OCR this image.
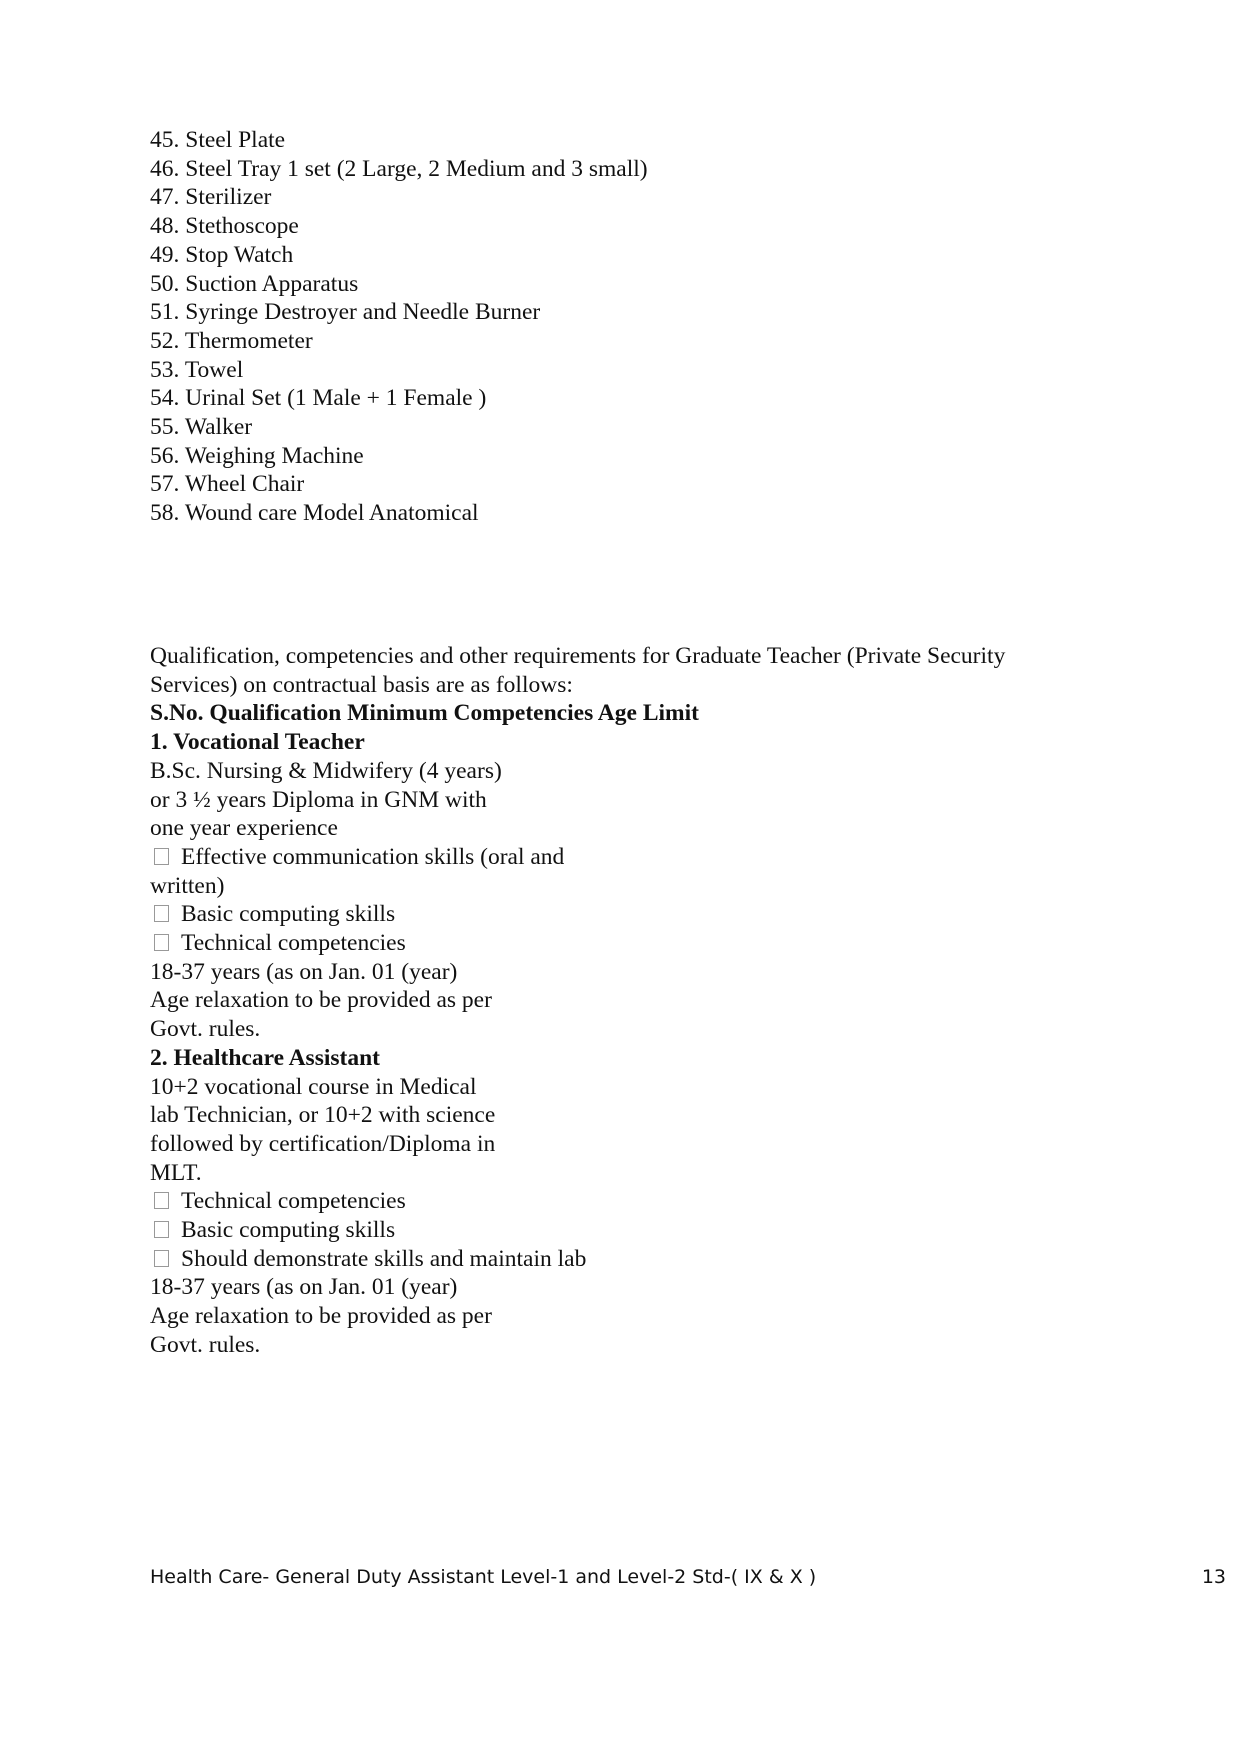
45. Steel Plate
46. Steel Tray 1 set (2 Large, 2 Medium and 3 small)
47. Sterilizer
48. Stethoscope
49. Stop Watch
50. Suction Apparatus
51. Syringe Destroyer and Needle Burner
52. Thermometer
53. Towel
54. Urinal Set (1 Male + 1 Female )
55. Walker
56. Weighing Machine
57. Wheel Chair
58. Wound care Model Anatomical
Qualification, competencies and other requirements for Graduate Teacher (Private Security
Services) on contractual basis are as follows:
S.No. Qualification Minimum Competencies Age Limit
1. Vocational Teacher
B.Sc. Nursing & Midwifery (4 years)
or 3 ½ years Diploma in GNM with
one year experience
Effective communication skills (oral and
written)
Basic computing skills
Technical competencies
18-37 years (as on Jan. 01 (year)
Age relaxation to be provided as per
Govt. rules.
2. Healthcare Assistant
10+2 vocational course in Medical
lab Technician, or 10+2 with science
followed by certification/Diploma in
MLT.
Technical competencies
Basic computing skills
Should demonstrate skills and maintain lab
18-37 years (as on Jan. 01 (year)
Age relaxation to be provided as per
Govt. rules.
Health Care- General Duty Assistant Level-1 and Level-2 Std-( IX & X )	13
